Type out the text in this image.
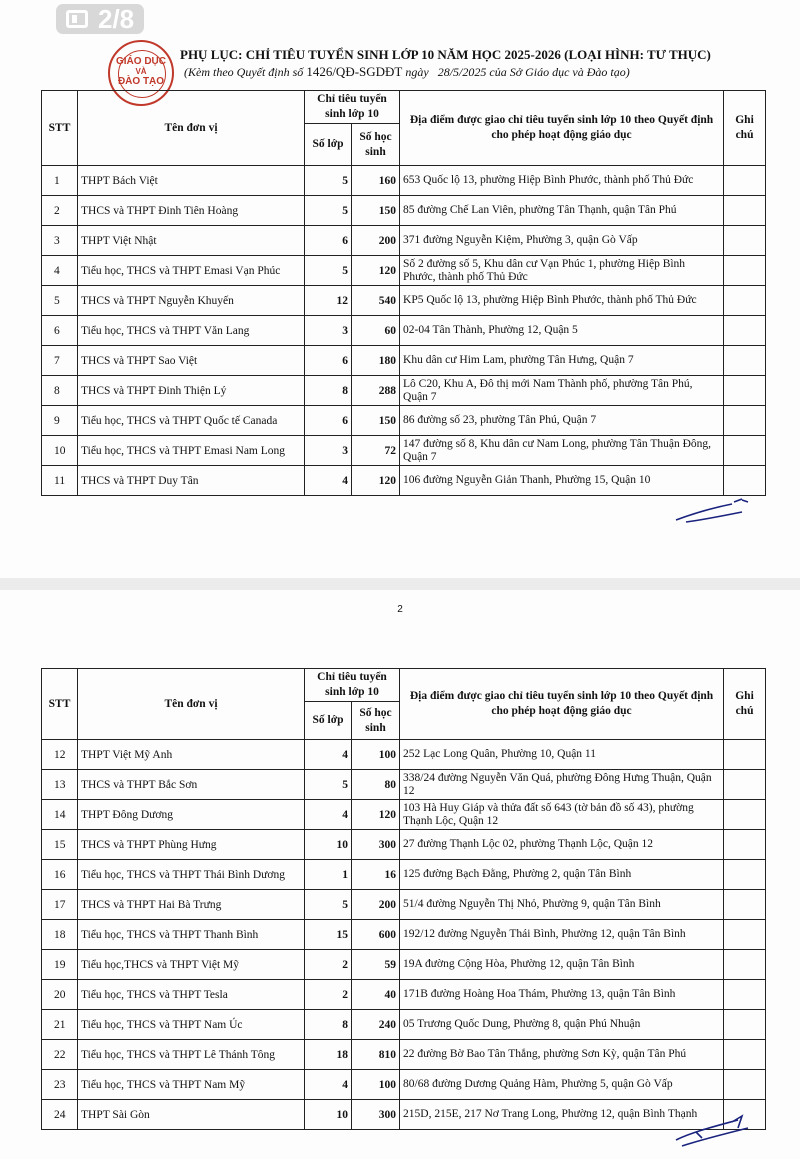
2/8
GIÁO DỤC
VÀ
ĐÀO TẠO
PHỤ LỤC: CHỈ TIÊU TUYỂN SINH LỚP 10 NĂM HỌC 2025-2026 (LOẠI HÌNH: TƯ THỤC)
(Kèm theo Quyết định số 1426/QĐ-SGDĐT ngày 28/5/2025 của Sở Giáo dục và Đào tạo)
STT	Tên đơn vị	Chỉ tiêu tuyển sinh lớp 10		Địa điểm được giao chỉ tiêu tuyển sinh lớp 10 theo Quyết định cho phép hoạt động giáo dục	Ghi chú
		Số lớp	Số học sinh		
1	THPT Bách Việt	5	160	653 Quốc lộ 13, phường Hiệp Bình Phước, thành phố Thủ Đức	
2	THCS và THPT Đinh Tiên Hoàng	5	150	85 đường Chế Lan Viên, phường Tân Thạnh, quận Tân Phú	
3	THPT Việt Nhật	6	200	371 đường Nguyễn Kiệm, Phường 3, quận Gò Vấp	
4	Tiểu học, THCS và THPT Emasi Vạn Phúc	5	120	Số 2 đường số 5, Khu dân cư Vạn Phúc 1, phường Hiệp Bình Phước, thành phố Thủ Đức	
5	THCS và THPT Nguyễn Khuyến	12	540	KP5 Quốc lộ 13, phường Hiệp Bình Phước, thành phố Thủ Đức	
6	Tiểu học, THCS và THPT Văn Lang	3	60	02-04 Tân Thành, Phường 12, Quận 5	
7	THCS và THPT Sao Việt	6	180	Khu dân cư Him Lam, phường Tân Hưng, Quận 7	
8	THCS và THPT Đinh Thiện Lý	8	288	Lô C20, Khu A, Đô thị mới Nam Thành phố, phường Tân Phú, Quận 7	
9	Tiểu học, THCS và THPT Quốc tế Canada	6	150	86 đường số 23, phường Tân Phú, Quận 7	
10	Tiểu học, THCS và THPT Emasi Nam Long	3	72	147 đường số 8, Khu dân cư Nam Long, phường Tân Thuận Đông, Quận 7	
11	THCS và THPT Duy Tân	4	120	106 đường Nguyễn Giản Thanh, Phường 15, Quận 10	
2
STT	Tên đơn vị	Chỉ tiêu tuyển sinh lớp 10		Địa điểm được giao chỉ tiêu tuyển sinh lớp 10 theo Quyết định cho phép hoạt động giáo dục	Ghi chú
		Số lớp	Số học sinh		
12	THPT Việt Mỹ Anh	4	100	252 Lạc Long Quân, Phường 10, Quận 11	
13	THCS và THPT Bắc Sơn	5	80	338/24 đường Nguyễn Văn Quá, phường Đông Hưng Thuận, Quận 12	
14	THPT Đông Dương	4	120	103 Hà Huy Giáp và thửa đất số 643 (tờ bản đồ số 43), phường Thạnh Lộc, Quận 12	
15	THCS và THPT Phùng Hưng	10	300	27 đường Thạnh Lộc 02, phường Thạnh Lộc, Quận 12	
16	Tiểu học, THCS và THPT Thái Bình Dương	1	16	125 đường Bạch Đằng, Phường 2, quận Tân Bình	
17	THCS và THPT Hai Bà Trưng	5	200	51/4 đường Nguyễn Thị Nhỏ, Phường 9, quận Tân Bình	
18	Tiểu học, THCS và THPT Thanh Bình	15	600	192/12 đường Nguyễn Thái Bình, Phường 12, quận Tân Bình	
19	Tiểu học,THCS và THPT Việt Mỹ	2	59	19A đường Cộng Hòa, Phường 12, quận Tân Bình	
20	Tiểu học, THCS và THPT Tesla	2	40	171B đường Hoàng Hoa Thám, Phường 13, quận Tân Bình	
21	Tiểu học, THCS và THPT Nam Úc	8	240	05 Trương Quốc Dung, Phường 8, quận Phú Nhuận	
22	Tiểu học, THCS và THPT Lê Thánh Tông	18	810	22 đường Bờ Bao Tân Thắng, phường Sơn Kỳ, quận Tân Phú	
23	Tiểu học, THCS và THPT Nam Mỹ	4	100	80/68 đường Dương Quảng Hàm, Phường 5, quận Gò Vấp	
24	THPT Sài Gòn	10	300	215D, 215E, 217 Nơ Trang Long, Phường 12, quận Bình Thạnh	
